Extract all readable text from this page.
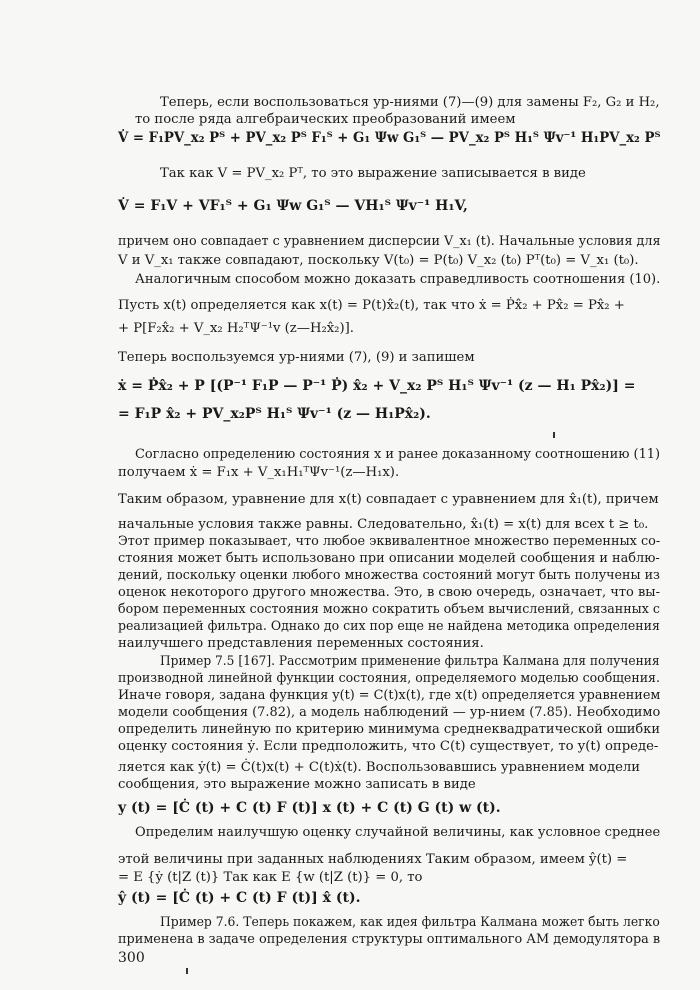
Теперь, если воспользоваться ур-ниями (7)—(9) для замены F₂, G₂ и H₂,
то после ряда алгебраических преобразований имеем
V̇ = F₁PV_x₂ Pᵀ + PV_x₂ Pᵀ F₁ᵀ + G₁ Ψw G₁ᵀ — PV_x₂ Pᵀ H₁ᵀ Ψv⁻¹ H₁PV_x₂ Pᵀ
Так как V = PV_x₂ Pᵀ, то это выражение записывается в виде
V̇ = F₁V + VF₁ᵀ + G₁ Ψw G₁ᵀ — VH₁ᵀ Ψv⁻¹ H₁V,
причем оно совпадает с уравнением дисперсии V_x₁ (t). Начальные условия для
V и V_x₁ также совпадают, поскольку V(t₀) = P(t₀) V_x₂ (t₀) Pᵀ(t₀) = V_x₁ (t₀).
Аналогичным способом можно доказать справедливость соотношения (10).
Пусть x(t) определяется как x(t) = P(t)x̂₂(t), так что ẋ = Ṗx̂₂ + Px̂₂ = Px̂₂ +
+ P[F₂x̂₂ + V_x₂ H₂ᵀΨ⁻¹v (z—H₂x̂₂)].
Теперь воспользуемся ур-ниями (7), (9) и запишем
ẋ = Ṗx̂₂ + P [(P⁻¹ F₁P — P⁻¹ Ṗ) x̂₂ + V_x₂ Pᵀ H₁ᵀ Ψv⁻¹ (z — H₁ Px̂₂)] =
= F₁P x̂₂ + PV_x₂Pᵀ H₁ᵀ Ψv⁻¹ (z — H₁Px̂₂).
Согласно определению состояния x и ранее доказанному соотношению (11)
получаем ẋ = F₁x + V_x₁H₁ᵀΨv⁻¹(z—H₁x).
Таким образом, уравнение для x(t) совпадает с уравнением для x̂₁(t), причем
начальные условия также равны. Следовательно, x̂₁(t) = x(t) для всех t ≥ t₀.
Этот пример показывает, что любое эквивалентное множество переменных со-
стояния может быть использовано при описании моделей сообщения и наблю-
дений, поскольку оценки любого множества состояний могут быть получены из
оценок некоторого другого множества. Это, в свою очередь, означает, что вы-
бором переменных состояния можно сократить объем вычислений, связанных с
реализацией фильтра. Однако до сих пор еще не найдена методика определения
наилучшего представления переменных состояния.
Пример 7.5 [167]. Рассмотрим применение фильтра Калмана для получения
производной линейной функции состояния, определяемого моделью сообщения.
Иначе говоря, задана функция y(t) = C(t)x(t), где x(t) определяется уравнением
модели сообщения (7.82), а модель наблюдений — ур-нием (7.85). Необходимо
определить линейную по критерию минимума среднеквадратической ошибки
оценку состояния ẏ. Если предположить, что C(t) существует, то y(t) опреде-
ляется как ẏ(t) = Ċ(t)x(t) + C(t)ẋ(t). Воспользовавшись уравнением модели
сообщения, это выражение можно записать в виде
y (t) = [Ċ (t) + C (t) F (t)] x (t) + C (t) G (t) w (t).
Определим наилучшую оценку случайной величины, как условное среднее
этой величины при заданных наблюдениях Таким образом, имеем ŷ(t) =
= E {ẏ (t|Z (t)} Так как E {w (t|Z (t)} = 0, то
ŷ (t) = [Ċ (t) + C (t) F (t)] x̂ (t).
Пример 7.6. Теперь покажем, как идея фильтра Калмана может быть легко
применена в задаче определения структуры оптимального АМ демодулятора в
300
